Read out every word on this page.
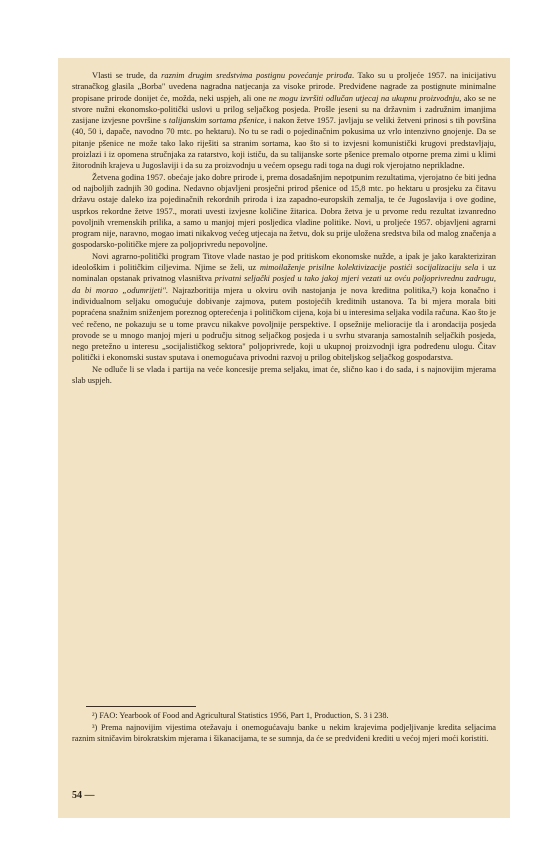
Vlasti se trude, da raznim drugim sredstvima postignu povećanje prirođa. Tako su u proljeće 1957. na inicijativu stranačkog glasila „Borba" uvedena nagradna natjecanja za visoke prirode. Predviđene nagrade za postignute minimalne propisane prirode donijet će, možda, neki uspjeh, ali one ne mogu izvršiti odlučan utjecaj na ukupnu proizvodnju, ako se ne stvore nužni ekonomsko-politički uslovi u prilog seljačkog posjeda. Prošle jeseni su na državnim i zadružnim imanjima zasijane izvjesne površine s talijanskim sortama pšenice, i nakon žetve 1957. javljaju se veliki žetveni prinosi s tih površina (40, 50 i, dapače, navodno 70 mtc. po hektaru). No tu se radi o pojedinačnim pokusima uz vrlo intenzivno gnojenje. Da se pitanje pšenice ne može tako lako riješiti sa stranim sortama, kao što si to izvjesni komunistički krugovi predstavljaju, proizlazi i iz opomena stručnjaka za ratarstvo, koji ističu, da su talijanske sorte pšenice premalo otporne prema zimi u klimi žitorodnih krajeva u Jugoslaviji i da su za proizvodnju u većem opsegu radi toga na dugi rok vjerojatno neprikladne.

Žetvena godina 1957. obećaje jako dobre prirode i, prema dosadašnjim nepotpunim rezultatima, vjerojatno će biti jedna od najboljih zadnjih 30 godina. Nedavno objavljeni prosječni prirod pšenice od 15,8 mtc. po hektaru u prosjeku za čitavu državu ostaje daleko iza pojedinačnih rekordnih priroda i iza zapadno-europskih zemalja, te će Jugoslavija i ove godine, usprkos rekordne žetve 1957., morati uvesti izvjesne količine žitarica. Dobra žetva je u prvome redu rezultat izvanredno povoljnih vremenskih prilika, a samo u manjoj mjeri posljedica vladine politike. Novi, u proljeće 1957. objavljeni agrarni program nije, naravno, mogao imati nikakvog većeg utjecaja na žetvu, dok su prije uložena sredstva bila od malog značenja a gospodarsko-političke mjere za poljoprivredu nepovoljne.

Novi agrarno-politički program Titove vlade nastao je pod pritiskom ekonomske nužde, a ipak je jako karakteriziran ideološkim i političkim ciljevima. Njime se želi, uz mimoilaženje prisilne kolektivizacije postići socijalizaciju sela i uz nominalan opstanak privatnog vlasništva privatni seljački posjed u tako jakoj mjeri vezati uz ovću poljoprivrednu zadrugu, da bi morao „odumrijeti". Najrazboritija mjera u okviru ovih nastojanja je nova kreditna politika,²) koja konačno i individualnom seljaku omogućuje dobivanje zajmova, putem postojećih kreditnih ustanova. Ta bi mjera morala biti popraćena snažnim sniženjem poreznog opterećenja i političkom cijena, koja bi u interesima seljaka vodila računa. Kao što je već rečeno, ne pokazuju se u tome pravcu nikakve povoljnije perspektive. I opsežnije melioracije tla i arondacija posjeda provode se u mnogo manjoj mjeri u području sitnog seljačkog posjeda i u svrhu stvaranja samostalnih seljačkih posjeda, nego pretežno u interesu „socijalističkog sektora" poljoprivrede, koji u ukupnoj proizvodnji igra podređenu ulogu. Čitav politički i ekonomski sustav sputava i onemogućava privodni razvoj u prilog obiteljskog seljačkog gospodarstva.

Ne odluče li se vlada i partija na veće koncesije prema seljaku, imat će, slično kao i do sada, i s najnovijim mjerama slab uspjeh.

²) FAO: Yearbook of Food and Agricultural Statistics 1956, Part 1, Production, S. 3 i 238.

³) Prema najnovijim vijestima otežavaju i onemogućavaju banke u nekim krajevima podjeljivanje kredita seljacima raznim sitničavim birokratskim mjerama i šikanacijama, te se sumnja, da će se predviđeni krediti u većoj mjeri moći koristiti.

54 —
